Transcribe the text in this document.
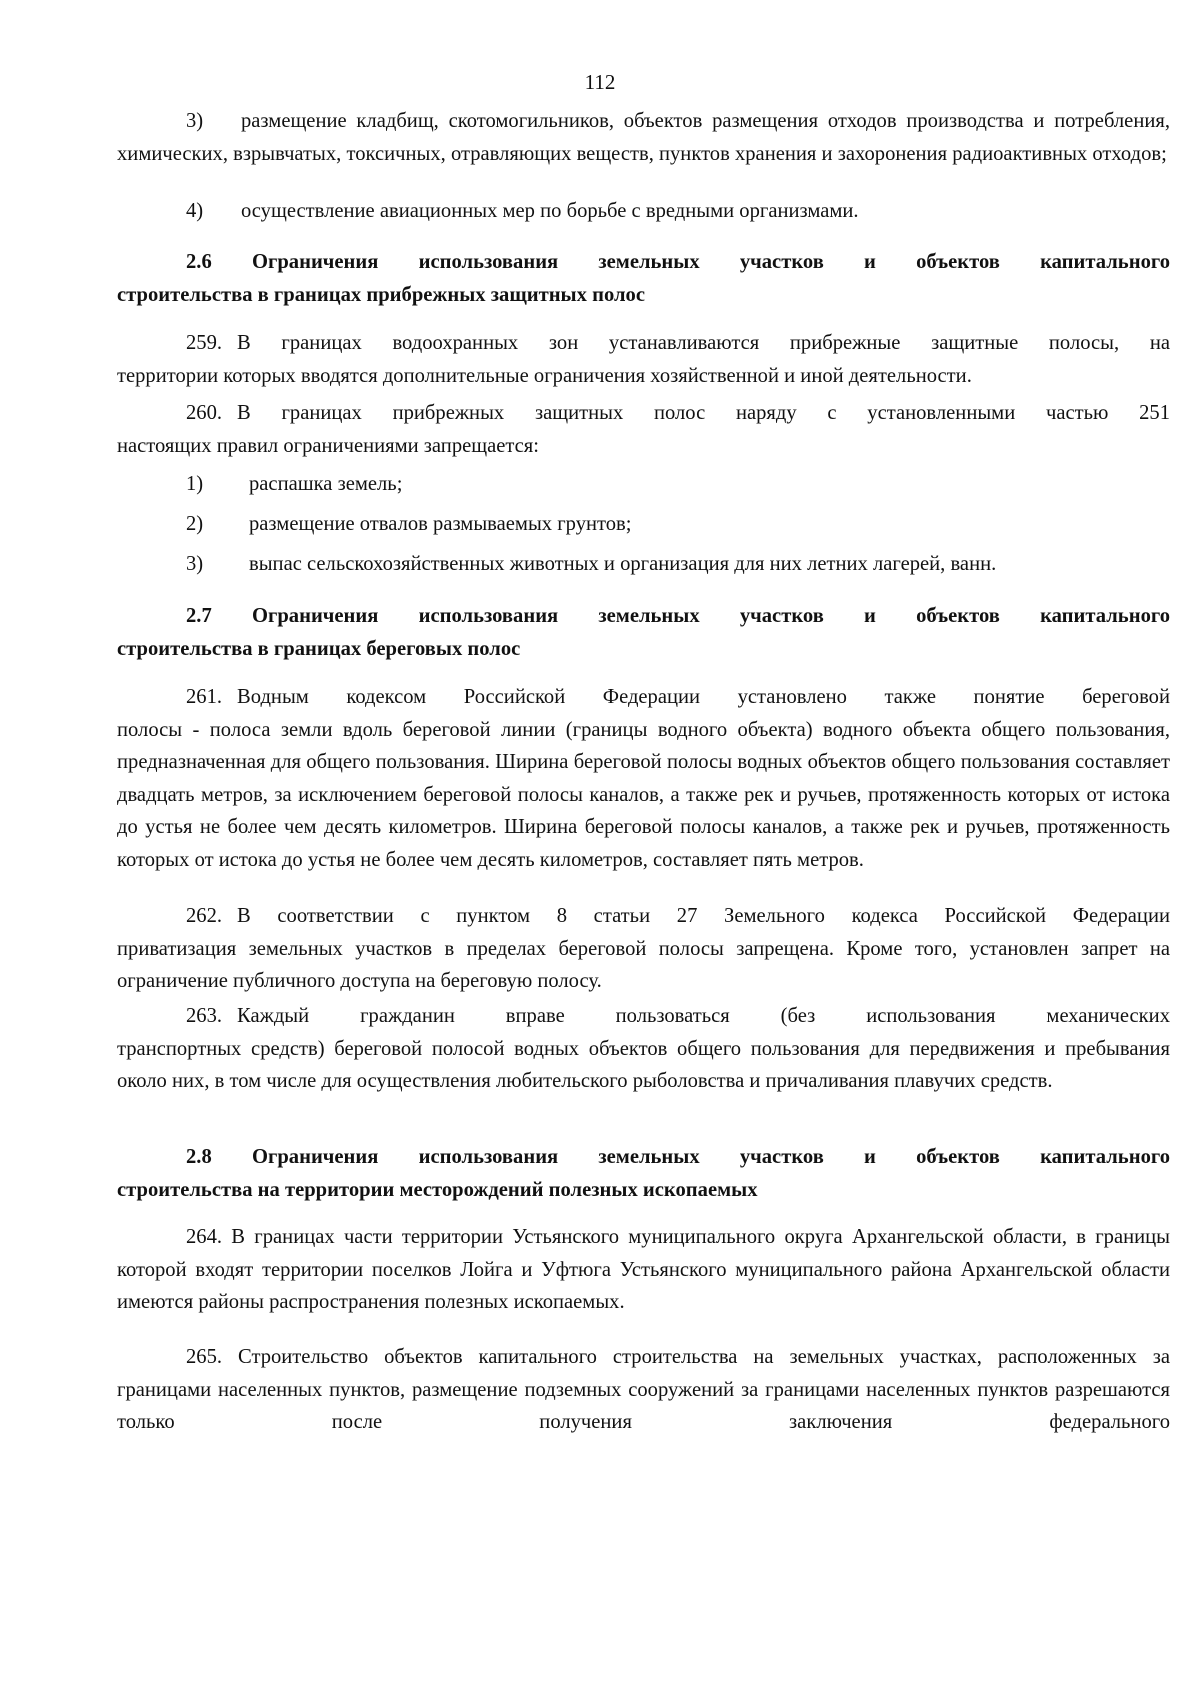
112

3) размещение кладбищ, скотомогильников, объектов размещения отходов производства и потребления, химических, взрывчатых, токсичных, отравляющих веществ, пунктов хранения и захоронения радиоактивных отходов;

4) осуществление авиационных мер по борьбе с вредными организмами.

2.6 Ограничения использования земельных участков и объектов капитального
строительства в границах прибрежных защитных полос

259. В границах водоохранных зон устанавливаются прибрежные защитные полосы, на

территории которых вводятся дополнительные ограничения хозяйственной и иной деятельности.

260. В границах прибрежных защитных полос наряду с установленными частью 251

настоящих правил ограничениями запрещается:

1) распашка земель;

2) размещение отвалов размываемых грунтов;

3) выпас сельскохозяйственных животных и организация для них летних лагерей, ванн.

2.7 Ограничения использования земельных участков и объектов капитального
строительства в границах береговых полос

261. Водным кодексом Российской Федерации установлено также понятие береговой

полосы - полоса земли вдоль береговой линии (границы водного объекта) водного объекта общего пользования, предназначенная для общего пользования. Ширина береговой полосы водных объектов общего пользования составляет двадцать метров, за исключением береговой полосы каналов, а также рек и ручьев, протяженность которых от истока до устья не более чем десять километров. Ширина береговой полосы каналов, а также рек и ручьев, протяженность которых от истока до устья не более чем десять километров, составляет пять метров.

262. В соответствии с пунктом 8 статьи 27 Земельного кодекса Российской Федерации

приватизация земельных участков в пределах береговой полосы запрещена. Кроме того, установлен запрет на ограничение публичного доступа на береговую полосу.

263. Каждый гражданин вправе пользоваться (без использования механических

транспортных средств) береговой полосой водных объектов общего пользования для передвижения и пребывания около них, в том числе для осуществления любительского рыболовства и причаливания плавучих средств.

2.8 Ограничения использования земельных участков и объектов капитального
строительства на территории месторождений полезных ископаемых

264. В границах части территории Устьянского муниципального округа Архангельской области, в границы которой входят территории поселков Лойга и Уфтюга Устьянского муниципального района Архангельской области имеются районы распространения полезных ископаемых.

265. Строительство объектов капитального строительства на земельных участках, расположенных за границами населенных пунктов, размещение подземных сооружений за границами населенных пунктов разрешаются только после получения заключения федерального
